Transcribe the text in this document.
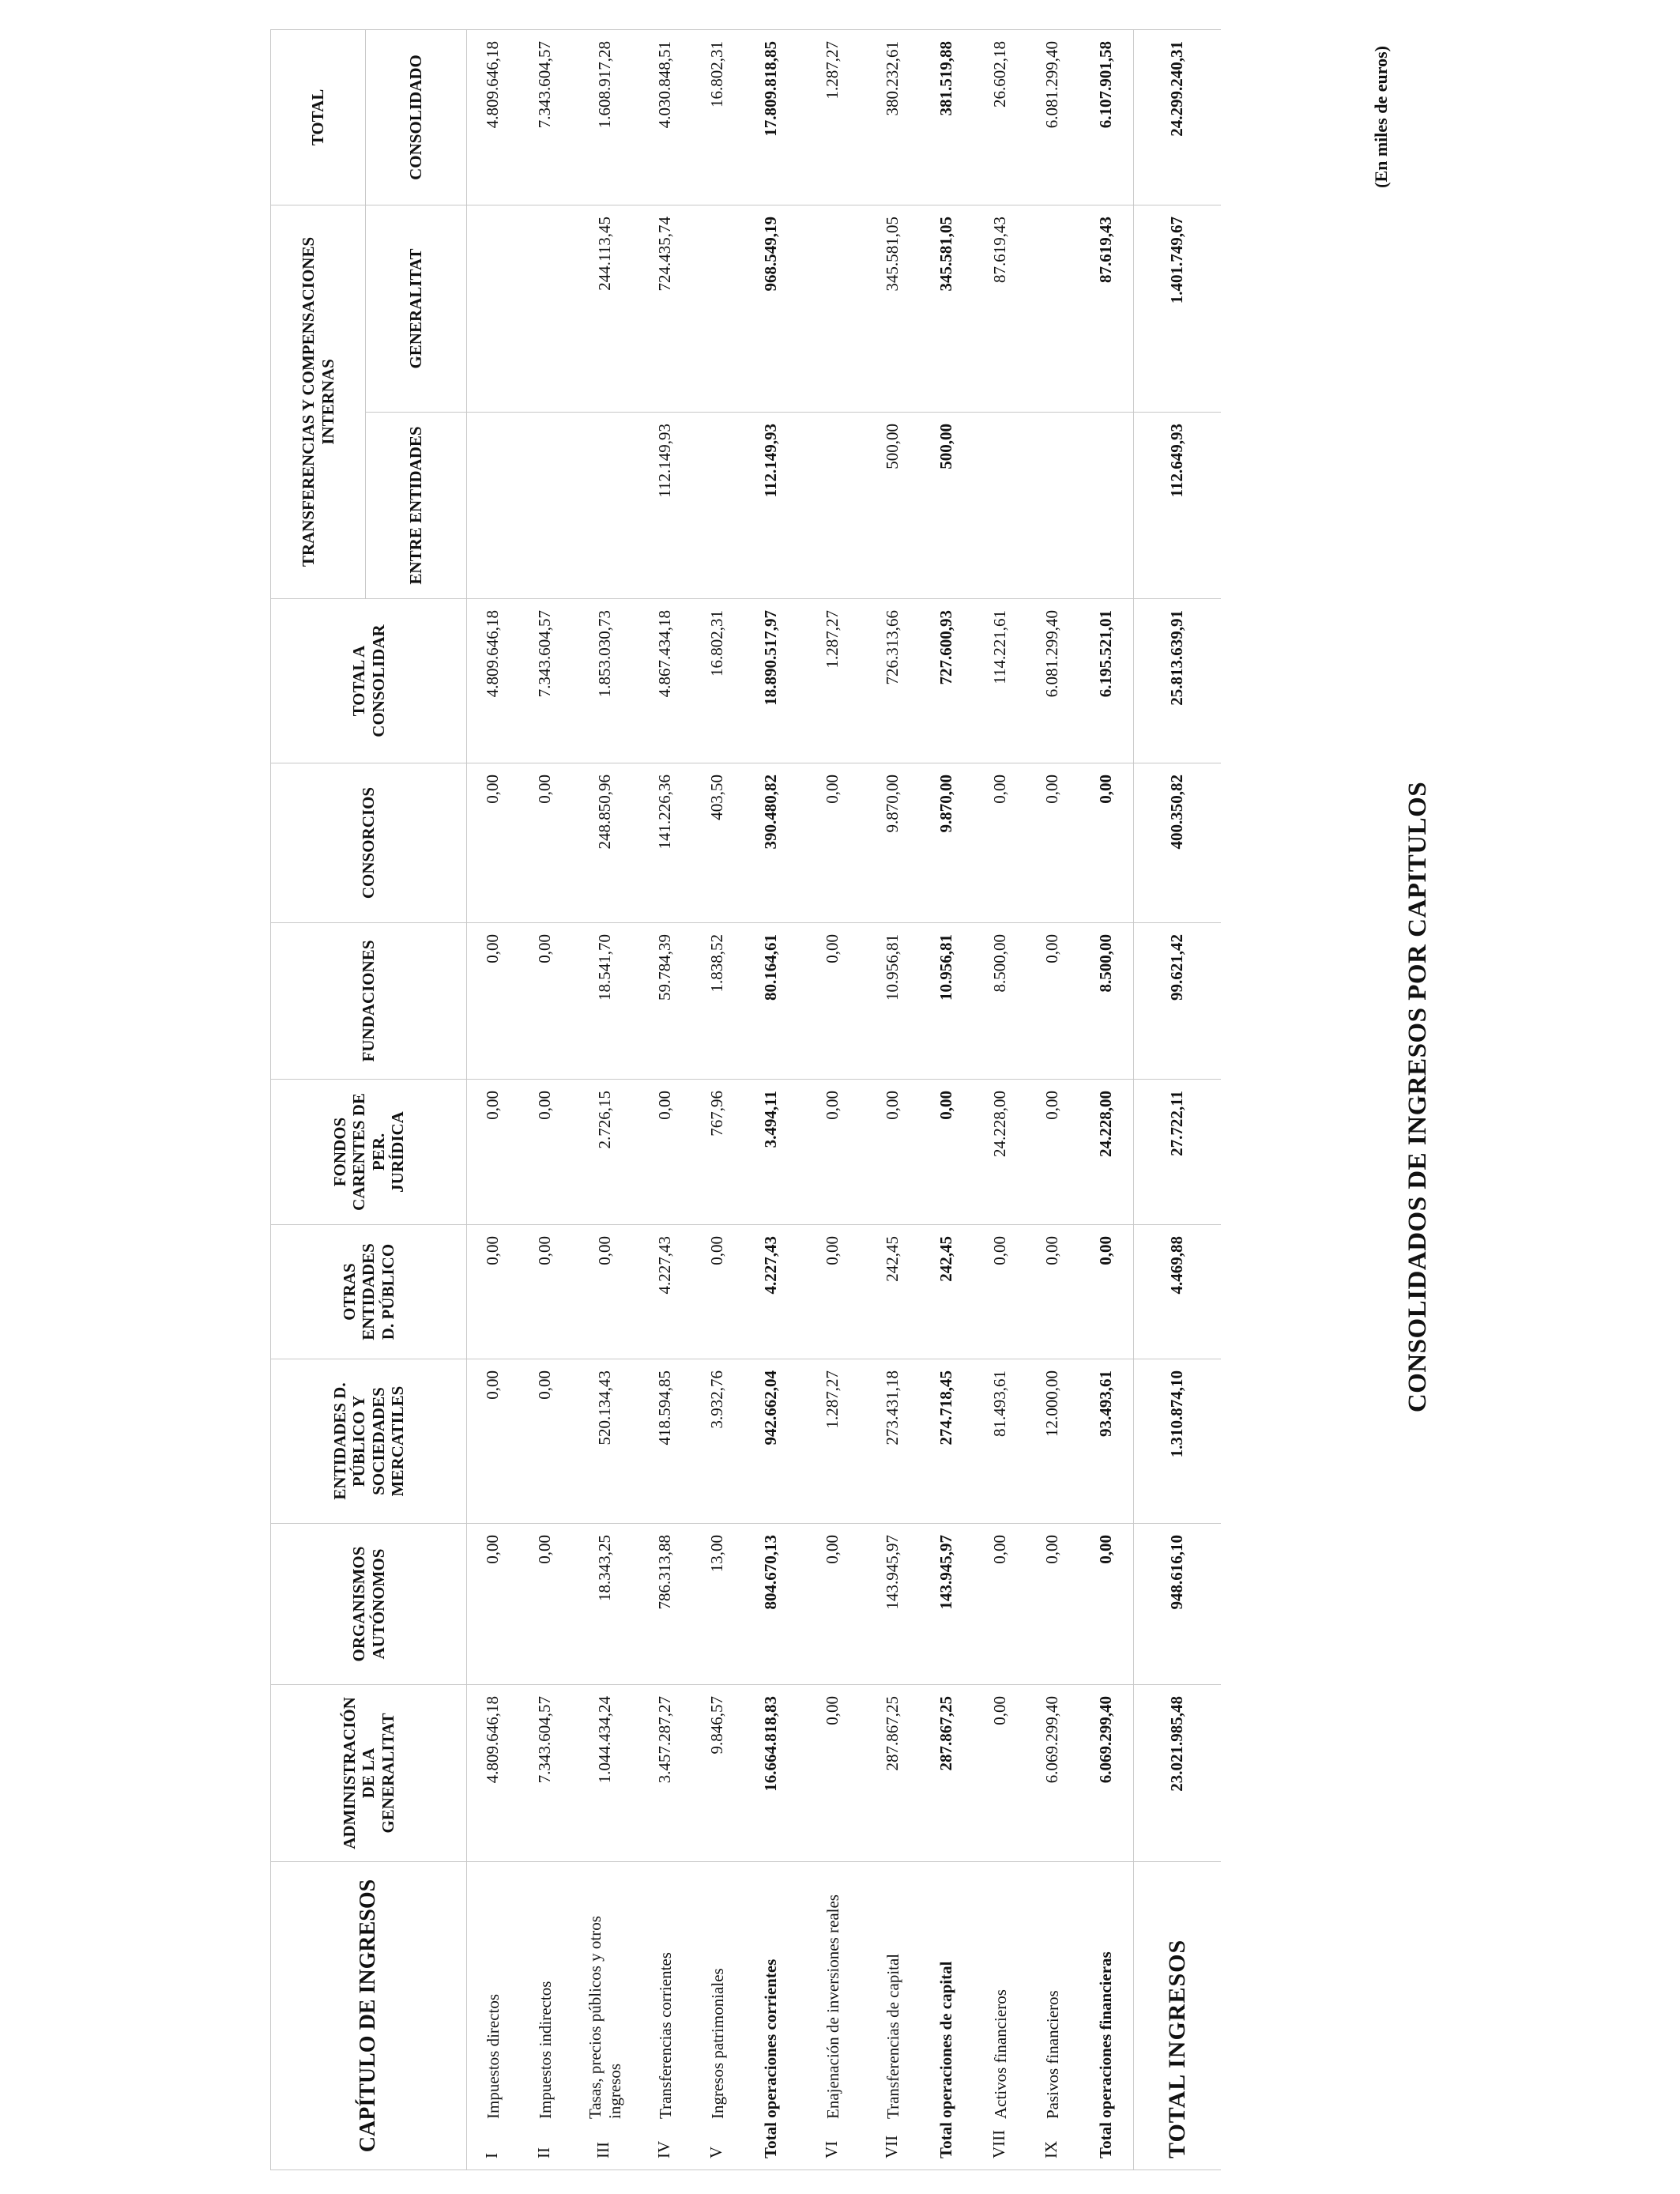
(En miles de euros)
CONSOLIDADOS DE INGRESOS POR CAPITULOS
CAPÍTULO DE INGRESOS	ADMINISTRACIÓN DE LA GENERALITAT	ORGANISMOS AUTÓNOMOS	ENTIDADES D. PÚBLICO Y SOCIEDADES MERCATILES	OTRAS ENTIDADES D. PÚBLICO	FONDOS CARENTES DE PER. JURÍDICA	FUNDACIONES	CONSORCIOS	TOTAL A CONSOLIDAR	TRANSFERENCIAS Y COMPENSACIONES INTERNAS		TOTAL
									ENTRE ENTIDADES	GENERALITAT	CONSOLIDADO
IImpuestos directos	4.809.646,18	0,00	0,00	0,00	0,00	0,00	0,00	4.809.646,18			4.809.646,18
IIImpuestos indirectos	7.343.604,57	0,00	0,00	0,00	0,00	0,00	0,00	7.343.604,57			7.343.604,57
IIITasas, precios públicos y otros ingresos	1.044.434,24	18.343,25	520.134,43	0,00	2.726,15	18.541,70	248.850,96	1.853.030,73		244.113,45	1.608.917,28
IVTransferencias corrientes	3.457.287,27	786.313,88	418.594,85	4.227,43	0,00	59.784,39	141.226,36	4.867.434,18	112.149,93	724.435,74	4.030.848,51
VIngresos patrimoniales	9.846,57	13,00	3.932,76	0,00	767,96	1.838,52	403,50	16.802,31			16.802,31
Total operaciones corrientes	16.664.818,83	804.670,13	942.662,04	4.227,43	3.494,11	80.164,61	390.480,82	18.890.517,97	112.149,93	968.549,19	17.809.818,85
VIEnajenación de inversiones reales	0,00	0,00	1.287,27	0,00	0,00	0,00	0,00	1.287,27			1.287,27
VIITransferencias de capital	287.867,25	143.945,97	273.431,18	242,45	0,00	10.956,81	9.870,00	726.313,66	500,00	345.581,05	380.232,61
Total operaciones de capital	287.867,25	143.945,97	274.718,45	242,45	0,00	10.956,81	9.870,00	727.600,93	500,00	345.581,05	381.519,88
VIIIActivos financieros	0,00	0,00	81.493,61	0,00	24.228,00	8.500,00	0,00	114.221,61		87.619,43	26.602,18
IXPasivos financieros	6.069.299,40	0,00	12.000,00	0,00	0,00	0,00	0,00	6.081.299,40			6.081.299,40
Total operaciones financieras	6.069.299,40	0,00	93.493,61	0,00	24.228,00	8.500,00	0,00	6.195.521,01		87.619,43	6.107.901,58
TOTAL INGRESOS	23.021.985,48	948.616,10	1.310.874,10	4.469,88	27.722,11	99.621,42	400.350,82	25.813.639,91	112.649,93	1.401.749,67	24.299.240,31
